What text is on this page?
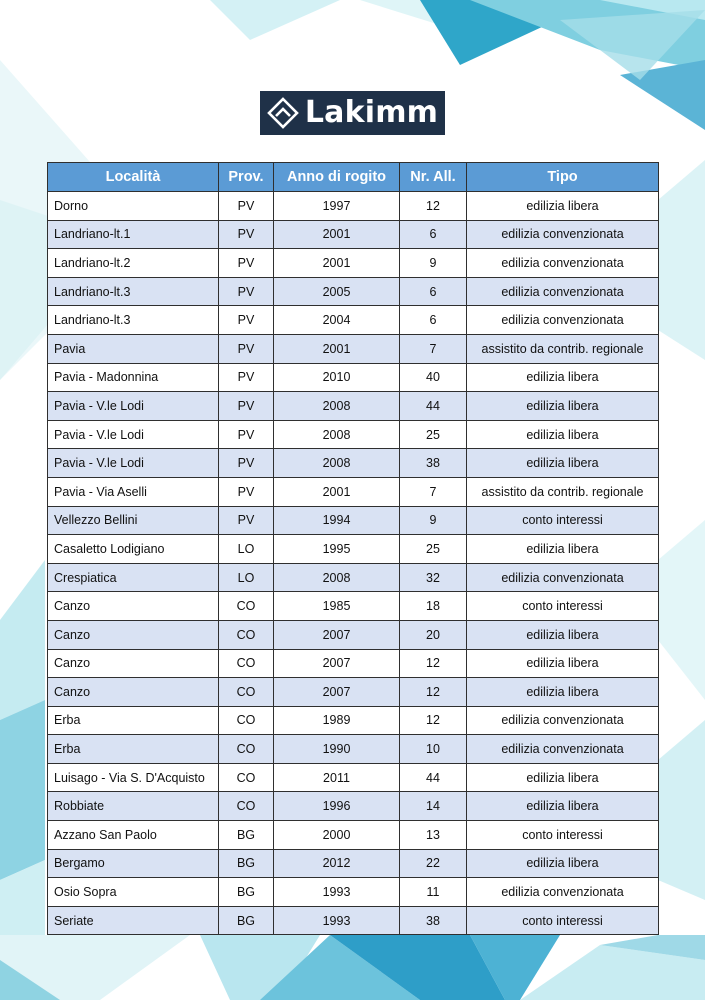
Lakimm
Località	Prov.	Anno di rogito	Nr. All.	Tipo
Dorno	PV	1997	12	edilizia libera
Landriano-lt.1	PV	2001	6	edilizia convenzionata
Landriano-lt.2	PV	2001	9	edilizia convenzionata
Landriano-lt.3	PV	2005	6	edilizia convenzionata
Landriano-lt.3	PV	2004	6	edilizia convenzionata
Pavia	PV	2001	7	assistito da contrib. regionale
Pavia - Madonnina	PV	2010	40	edilizia libera
Pavia - V.le Lodi	PV	2008	44	edilizia libera
Pavia - V.le Lodi	PV	2008	25	edilizia libera
Pavia - V.le Lodi	PV	2008	38	edilizia libera
Pavia - Via Aselli	PV	2001	7	assistito da contrib. regionale
Vellezzo Bellini	PV	1994	9	conto interessi
Casaletto Lodigiano	LO	1995	25	edilizia libera
Crespiatica	LO	2008	32	edilizia convenzionata
Canzo	CO	1985	18	conto interessi
Canzo	CO	2007	20	edilizia libera
Canzo	CO	2007	12	edilizia libera
Canzo	CO	2007	12	edilizia libera
Erba	CO	1989	12	edilizia convenzionata
Erba	CO	1990	10	edilizia convenzionata
Luisago - Via S. D'Acquisto	CO	2011	44	edilizia libera
Robbiate	CO	1996	14	edilizia libera
Azzano San Paolo	BG	2000	13	conto interessi
Bergamo	BG	2012	22	edilizia libera
Osio Sopra	BG	1993	11	edilizia convenzionata
Seriate	BG	1993	38	conto interessi
